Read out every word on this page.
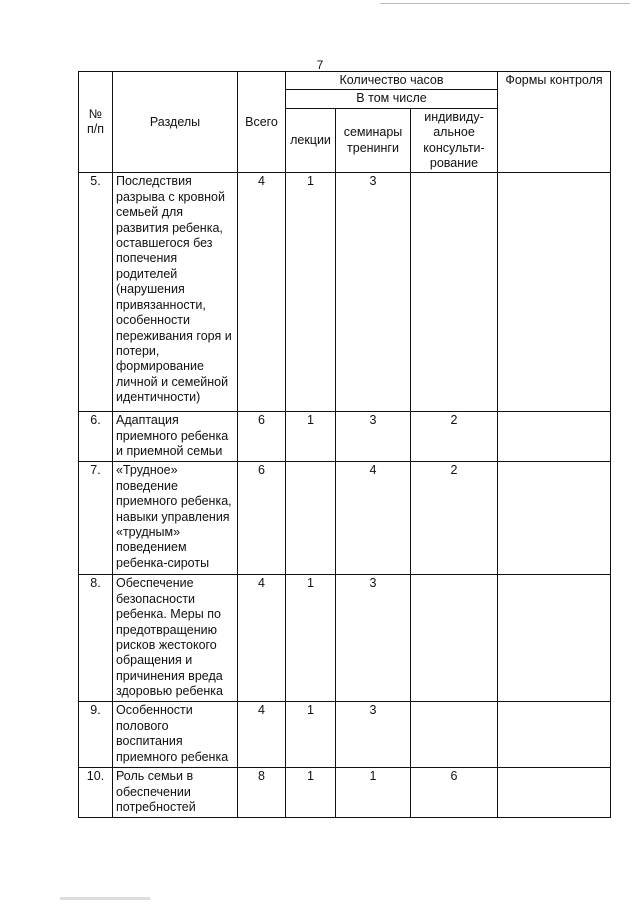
7
№ п/п	Разделы	Всего	Количество часов			Формы контроля
			В том числе			
			лекции	семинары тренинги	индивиду-альное консульти-рование	
5.	Последствия разрыва с кровной семьей для развития ребенка, оставшегося без попечения родителей (нарушения привязанности, особенности переживания горя и потери, формирование личной и семейной идентичности)	4	1	3		
6.	Адаптация приемного ребенка и приемной семьи	6	1	3	2	
7.	«Трудное» поведение приемного ребенка, навыки управления «трудным» поведением ребенка-сироты	6		4	2	
8.	Обеспечение безопасности ребенка. Меры по предотвращению рисков жестокого обращения и причинения вреда здоровью ребенка	4	1	3		
9.	Особенности полового воспитания приемного ребенка	4	1	3		
10.	Роль семьи в обеспечении потребностей	8	1	1	6	
